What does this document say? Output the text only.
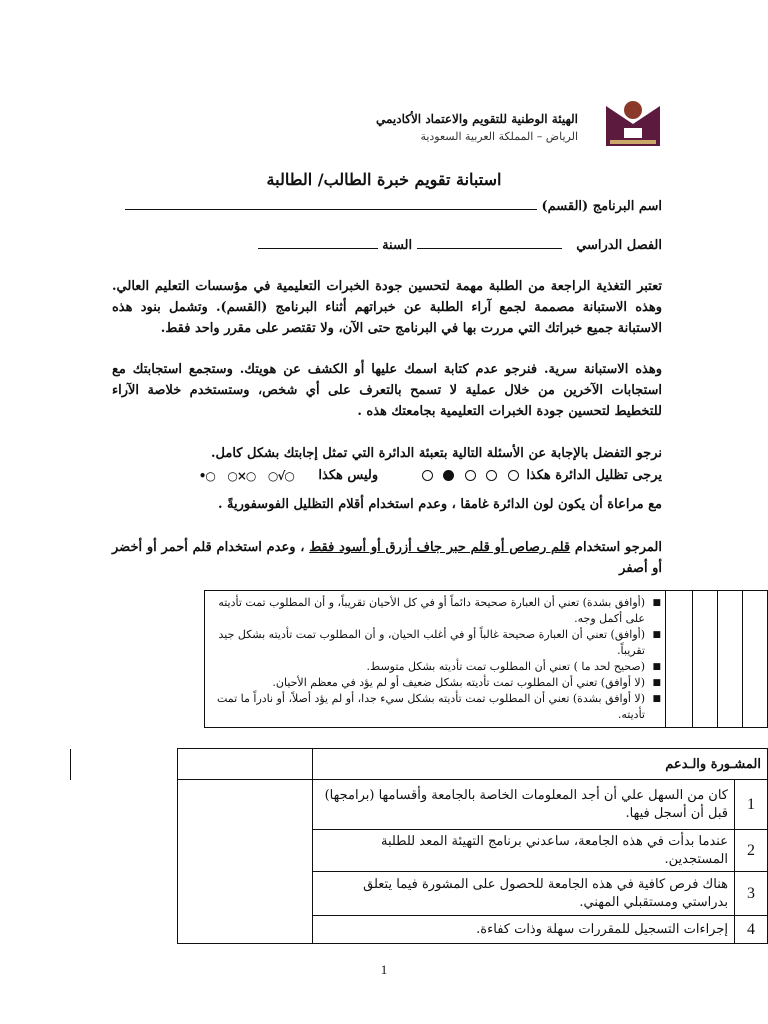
الهيئة الوطنية للتقويم والاعتماد الأكاديمي
الرياض – المملكة العربية السعودية
استبانة تقويم خبرة الطالب/ الطالبة
اسم البرنامج (القسم)
الفصل الدراسي  السنة
تعتبر التغذية الراجعة من الطلبة مهمة لتحسين جودة الخبرات التعليمية في مؤسسات التعليم العالي. وهذه الاستبانة مصممة لجمع آراء الطلبة عن خبراتهم أثناء البرنامج (القسم). وتشمل بنود هذه الاستبانة جميع خبراتك التي مررت بها في البرنامج حتى الآن، ولا تقتصر على مقرر واحد فقط.
وهذه الاستبانة سرية. فنرجو عدم كتابة اسمك عليها أو الكشف عن هويتك. وستجمع استجابتك مع استجابات الآخرين من خلال عملية لا تسمح بالتعرف على أي شخص، وستستخدم خلاصة الآراء للتخطيط لتحسين جودة الخبرات التعليمية بجامعتك هذه .
نرجو التفضل بالإجابة عن الأسئلة التالية بتعبئة الدائرة التي تمثل إجابتك بشكل كامل.
يرجى تظليل الدائرة هكذا      وليس هكذا •○ ○×○ ○√○
مع مراعاة أن يكون لون الدائرة غامقا ، وعدم استخدام أقلام التظليل الفوسفوريةً .
المرجو استخدام قلم رصاص أو قلم حبر جاف أزرق أو أسود فقط ، وعدم استخدام قلم أحمر أو أخضر أو أصفر

■ (أوافق بشدة) تعني أن العبارة صحيحة دائماً أو في كل الأحيان تقريباً، و أن المطلوب تمت تأديته على أكمل وجه.
■ (أوافق) تعني أن العبارة صحيحة غالباً أو في أغلب الحيان، و أن المطلوب تمت تأديته بشكل جيد تقريباً.
■ (صحيح لحد ما ) تعني أن المطلوب تمت تأديته بشكل متوسط.
■ (لا أوافق) تعني أن المطلوب تمت تأديته بشكل ضعيف أو لم يؤد في معظم الأحيان.
■ (لا أوافق بشدة) تعني أن المطلوب تمت تأديته بشكل سيء جدا، أو لم يؤد أصلاً، أو نادراً ما تمت تأديته.
المشـورة والـدعم			
1	كان من السهل علي أن أجد المعلومات الخاصة بالجامعة وأقسامها (برامجها) قبل أن أسجل فيها.		
2	عندما بدأت في هذه الجامعة، ساعدني برنامج التهيئة المعد للطلبة المستجدين.		
3	هناك فرص كافية في هذه الجامعة للحصول على المشورة فيما يتعلق بدراستي ومستقبلي المهني.		
4	إجراءات التسجيل للمقررات سهلة وذات كفاءة.		
1
